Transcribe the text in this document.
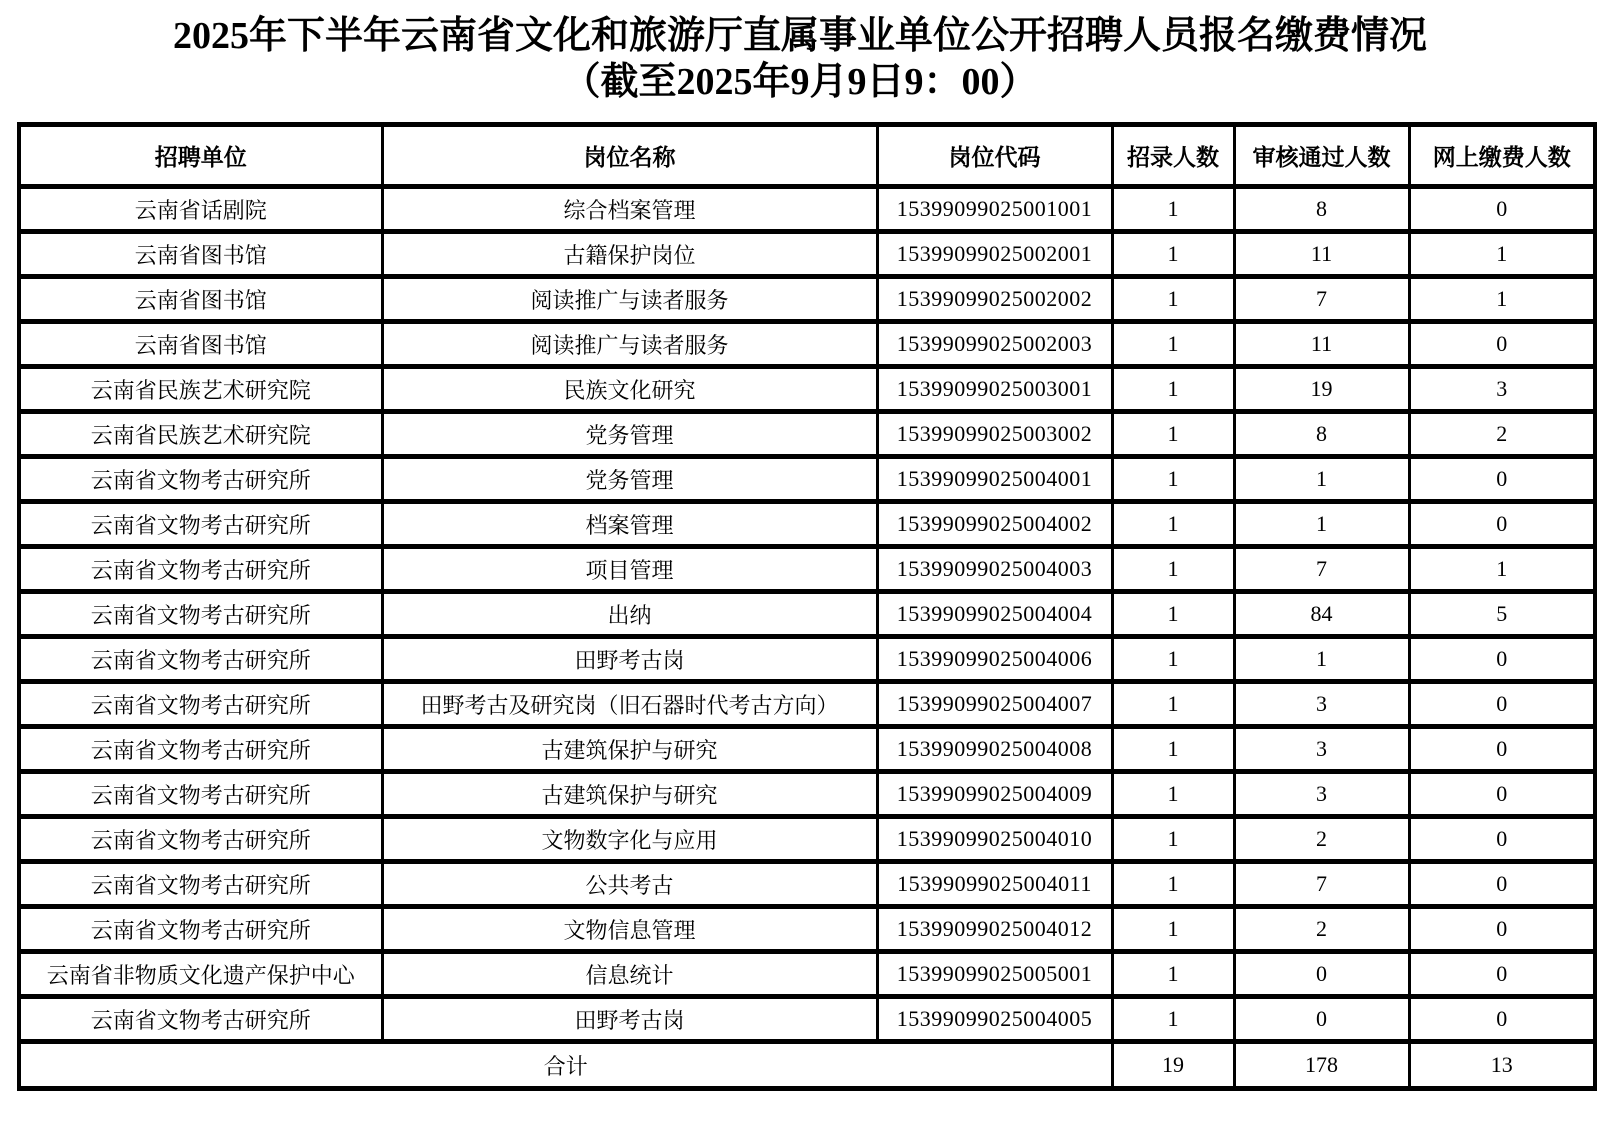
2025年下半年云南省文化和旅游厅直属事业单位公开招聘人员报名缴费情况
（截至2025年9月9日9：00）
招聘单位	岗位名称	岗位代码	招录人数	审核通过人数	网上缴费人数
云南省话剧院	综合档案管理	15399099025001001	1	8	0
云南省图书馆	古籍保护岗位	15399099025002001	1	11	1
云南省图书馆	阅读推广与读者服务	15399099025002002	1	7	1
云南省图书馆	阅读推广与读者服务	15399099025002003	1	11	0
云南省民族艺术研究院	民族文化研究	15399099025003001	1	19	3
云南省民族艺术研究院	党务管理	15399099025003002	1	8	2
云南省文物考古研究所	党务管理	15399099025004001	1	1	0
云南省文物考古研究所	档案管理	15399099025004002	1	1	0
云南省文物考古研究所	项目管理	15399099025004003	1	7	1
云南省文物考古研究所	出纳	15399099025004004	1	84	5
云南省文物考古研究所	田野考古岗	15399099025004006	1	1	0
云南省文物考古研究所	田野考古及研究岗（旧石器时代考古方向）	15399099025004007	1	3	0
云南省文物考古研究所	古建筑保护与研究	15399099025004008	1	3	0
云南省文物考古研究所	古建筑保护与研究	15399099025004009	1	3	0
云南省文物考古研究所	文物数字化与应用	15399099025004010	1	2	0
云南省文物考古研究所	公共考古	15399099025004011	1	7	0
云南省文物考古研究所	文物信息管理	15399099025004012	1	2	0
云南省非物质文化遗产保护中心	信息统计	15399099025005001	1	0	0
云南省文物考古研究所	田野考古岗	15399099025004005	1	0	0
合计			19	178	13
